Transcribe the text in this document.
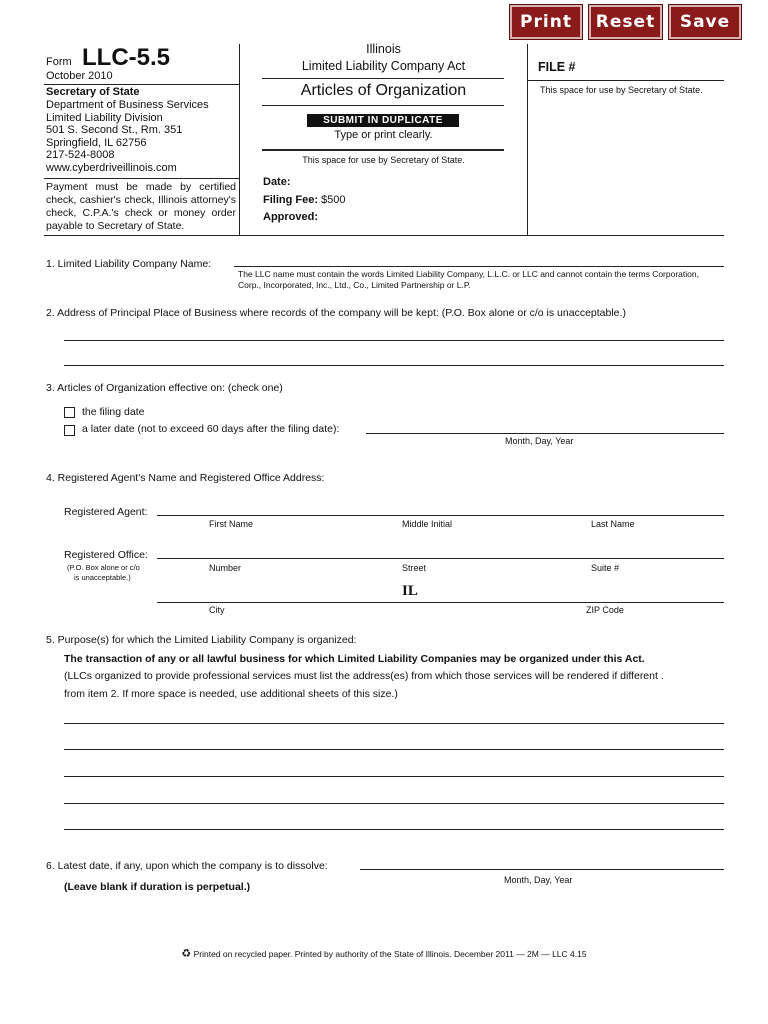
Print	Reset	Save
Form LLC-5.5
October 2010
Secretary of State
Department of Business Services
Limited Liability Division
501 S. Second St., Rm. 351
Springfield, IL 62756
217-524-8008
www.cyberdriveillinois.com
Payment must be made by certified check, cashier's check, Illinois attorney's check, C.P.A.'s check or money order payable to Secretary of State.
Illinois
Limited Liability Company Act
Articles of Organization
SUBMIT IN DUPLICATE
Type or print clearly.
This space for use by Secretary of State.
Date:
Filing Fee: $500
Approved:
FILE #
This space for use by Secretary of State.
1. Limited Liability Company Name:
The LLC name must contain the words Limited Liability Company, L.L.C. or LLC and cannot contain the terms Corporation, Corp., Incorporated, Inc., Ltd., Co., Limited Partnership or L.P.
2. Address of Principal Place of Business where records of the company will be kept: (P.O. Box alone or c/o is unacceptable.)
3. Articles of Organization effective on: (check one)
the filing date
a later date (not to exceed 60 days after the filing date):
Month, Day, Year
4. Registered Agent's Name and Registered Office Address:
Registered Agent:
First Name	Middle Initial	Last Name
Registered Office:
(P.O. Box alone or c/o
is unacceptable.)
Number	Street	Suite #
IL
City	ZIP Code
5. Purpose(s) for which the Limited Liability Company is organized:
The transaction of any or all lawful business for which Limited Liability Companies may be organized under this Act.
(LLCs organized to provide professional services must list the address(es) from which those services will be rendered if different .
from item 2. If more space is needed, use additional sheets of this size.)
6. Latest date, if any, upon which the company is to dissolve:
Month, Day, Year
(Leave blank if duration is perpetual.)
♻ Printed on recycled paper. Printed by authority of the State of Illinois. December 2011 — 2M — LLC 4.15
